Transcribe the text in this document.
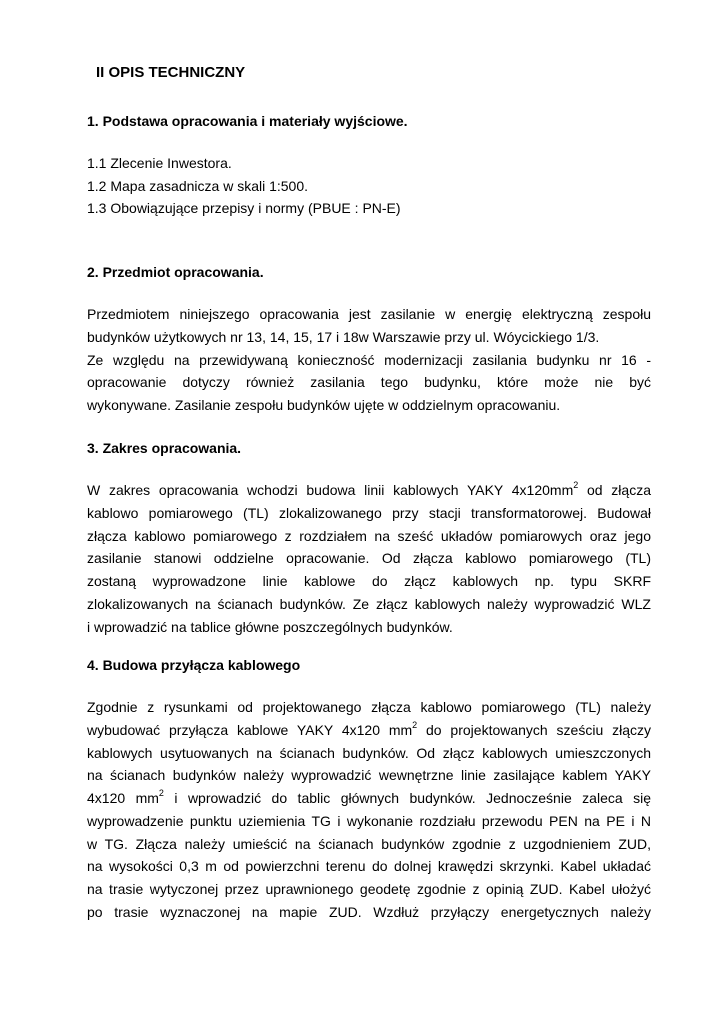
II OPIS TECHNICZNY
1. Podstawa opracowania i materiały wyjściowe.
1.1 Zlecenie Inwestora.
1.2 Mapa zasadnicza w skali 1:500.
1.3 Obowiązujące przepisy i normy (PBUE : PN-E)
2. Przedmiot opracowania.
Przedmiotem niniejszego opracowania jest zasilanie w energię elektryczną zespołu
budynków użytkowych nr 13, 14, 15, 17 i 18w Warszawie przy ul. Wóycickiego 1/3.
Ze względu na przewidywaną konieczność modernizacji zasilania budynku nr 16 -
opracowanie dotyczy również zasilania tego budynku, które może nie być
wykonywane. Zasilanie zespołu budynków ujęte w oddzielnym opracowaniu.
3. Zakres opracowania.
W zakres opracowania wchodzi budowa linii kablowych YAKY $4x120mm^2$ od złącza
kablowo pomiarowego (TL) zlokalizowanego przy stacji transformatorowej. Budował
złącza kablowo pomiarowego z rozdziałem na sześć układów pomiarowych oraz jego
zasilanie stanowi oddzielne opracowanie. Od złącza kablowo pomiarowego (TL)
zostaną wyprowadzone linie kablowe do złącz kablowych np. typu SKRF
zlokalizowanych na ścianach budynków. Ze złącz kablowych należy wyprowadzić WLZ
i wprowadzić na tablice główne poszczególnych budynków.
4. Budowa przyłącza kablowego
Zgodnie z rysunkami od projektowanego złącza kablowo pomiarowego (TL) należy
wybudować przyłącza kablowe YAKY 4x120 $mm^2$ do projektowanych sześciu złączy
kablowych usytuowanych na ścianach budynków. Od złącz kablowych umieszczonych
na ścianach budynków należy wyprowadzić wewnętrzne linie zasilające kablem YAKY
4x120 $mm^2$ i wprowadzić do tablic głównych budynków. Jednocześnie zaleca się
wyprowadzenie punktu uziemienia TG i wykonanie rozdziału przewodu PEN na PE i N
w TG. Złącza należy umieścić na ścianach budynków zgodnie z uzgodnieniem ZUD,
na wysokości 0,3 m od powierzchni terenu do dolnej krawędzi skrzynki. Kabel układać
na trasie wytyczonej przez uprawnionego geodetę zgodnie z opinią ZUD. Kabel ułożyć
po trasie wyznaczonej na mapie ZUD. Wzdłuż przyłączy energetycznych należy
